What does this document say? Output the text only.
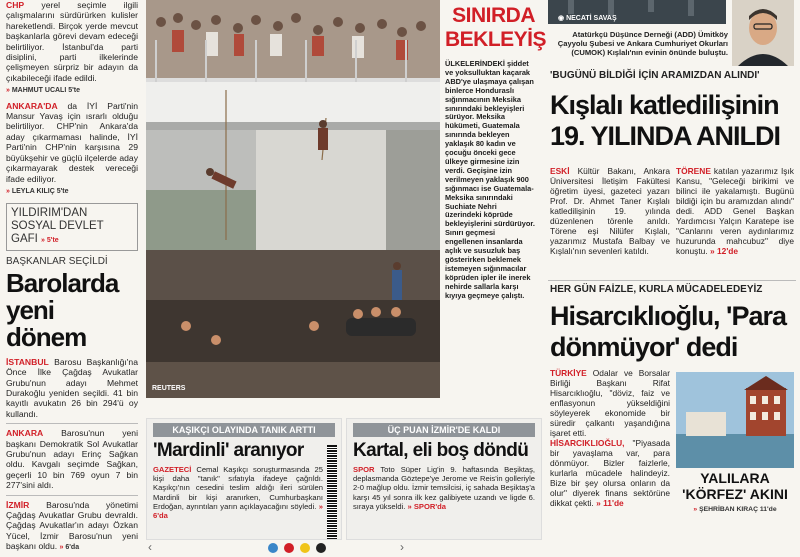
CHP yerel seçimle ilgili çalışmalarını sürdürürken kulisler hareketlendi. Birçok yerde mevcut başkanlarla görevi devam edeceği belirtiliyor. İstanbul'da parti disiplini, parti ilkelerinde çelişmeyen sürpriz bir adayın da çıkabileceği ifade edildi.

» MAHMUT UCALI 5'te

ANKARA'DA da İYİ Parti'nin Mansur Yavaş için ısrarlı olduğu belirtiliyor. CHP'nin Ankara'da aday çıkarmaması halinde, İYİ Parti'nin CHP'nin karşısına 29 büyükşehir ve güçlü ilçelerde aday çıkarmayarak destek vereceği ifade ediliyor.

» LEYLA KILIÇ 5'te
YILDIRIM'DAN SOSYAL DEVLET GAFI » 5'te
BAŞKANLAR SEÇİLDİ
Barolarda yeni dönem

İSTANBUL Barosu Başkanlığı'na Önce İlke Çağdaş Avukatlar Grubu'nun adayı Mehmet Durakoğlu yeniden seçildi. 41 bin kayıtlı avukatın 26 bin 294'ü oy kullandı.

ANKARA Barosu'nun yeni başkanı Demokratik Sol Avukatlar Grubu'nun adayı Erinç Sağkan oldu. Kavgalı seçimde Sağkan, geçerli 10 bin 769 oyun 7 bin 277'sini aldı.

İZMİR Barosu'nda yönetimi Çağdaş Avukatlar Grubu devraldı. Çağdaş Avukatlar'ın adayı Özkan Yücel, İzmir Barosu'nun yeni başkanı oldu. » 6'da

REUTERS
SINIRDA
BEKLEYİŞ
ÜLKELERİNDEKİ şiddet ve yoksulluktan kaçarak ABD'ye ulaşmaya çalışan binlerce Honduraslı sığınmacının Meksika sınırındaki bekleyişleri sürüyor. Meksika hükümeti, Guatemala sınırında bekleyen yaklaşık 80 kadın ve çocuğu önceki gece ülkeye girmesine izin verdi. Geçişine izin verilmeyen yaklaşık 900 sığınmacı ise Guatemala-Meksika sınırındaki Suchiate Nehri üzerindeki köprüde bekleyişlerini sürdürüyor. Sınırı geçmesi engellenen insanlarda açlık ve susuzluk baş gösterirken beklemek istemeyen sığınmacılar köprüden ipler ile inerek nehirde sallarla karşı kıyıya geçmeye çalıştı.
KAŞIKÇI OLAYINDA TANIK ARTTI
'Mardinli' aranıyor
GAZETECİ Cemal Kaşıkçı soruşturmasında 25 kişi daha "tanık" sıfatıyla ifadeye çağrıldı. Kaşıkçı'nın cesedini teslim aldığı ileri sürülen Mardinli bir kişi aranırken, Cumhurbaşkanı Erdoğan, ayrıntıları yarın açıklayacağını söyledi. » 6'da
ÜÇ PUAN İZMİR'DE KALDI
Kartal, eli boş döndü
SPOR Toto Süper Lig'in 9. haftasında Beşiktaş, deplasmanda Göztepe'ye Jerome ve Reis'in golleriyle 2-0 mağlup oldu. İzmir temsilcisi, iç sahada Beşiktaş'a karşı 45 yıl sonra ilk kez galibiyete uzandı ve ligde 6. sıraya yükseldi. » SPOR'da
◉ NECATİ SAVAŞ
Atatürkçü Düşünce Derneği (ADD) Ümitköy Çayyolu Şubesi ve Ankara Cumhuriyet Okurları (CUMOK) Kışlalı'nın evinin önünde buluştu.
'BUGÜNÜ BİLDİĞİ İÇİN ARAMIZDAN ALINDI'
Kışlalı katledilişinin 19. YILINDA ANILDI
ESKİ Kültür Bakanı, Ankara Üniversitesi İletişim Fakültesi öğretim üyesi, gazeteci yazarı Prof. Dr. Ahmet Taner Kışlalı katledilişinin 19. yılında düzenlenen törenle anıldı. Törene eşi Nilüfer Kışlalı, yazarımız Mustafa Balbay ve Kışlalı'nın sevenleri katıldı.
TÖRENE katılan yazarımız Işık Kansu, "Geleceği birikimi ve bilinci ile yakalamıştı. Bugünü bildiği için bu aramızdan alındı" dedi. ADD Genel Başkan Yardımcısı Yalçın Karatepe ise "Canlarını veren aydınlarımız huzurunda mahcubuz" diye konuştu. » 12'de
HER GÜN FAİZLE, KURLA MÜCADELEDEYİZ
Hisarcıklıoğlu, 'Para dönmüyor' dedi
TÜRKİYE Odalar ve Borsalar Birliği Başkanı Rifat Hisarcıklıoğlu, "döviz, faiz ve enflasyonun yükseldiğini söyleyerek ekonomide bir süredir çalkantı yaşandığına işaret etti.
HİSARCIKLIOĞLU, "Piyasada bir yavaşlama var, para dönmüyor. Bizler faizlerle, kurlarla mücadele halindeyiz. Bize bir şey olursa onların da olur" diyerek finans sektörüne dikkat çekti. » 11'de
YALILARA 'KÖRFEZ' AKINI
» ŞEHRİBAN KIRAÇ 11'de
‹	›
